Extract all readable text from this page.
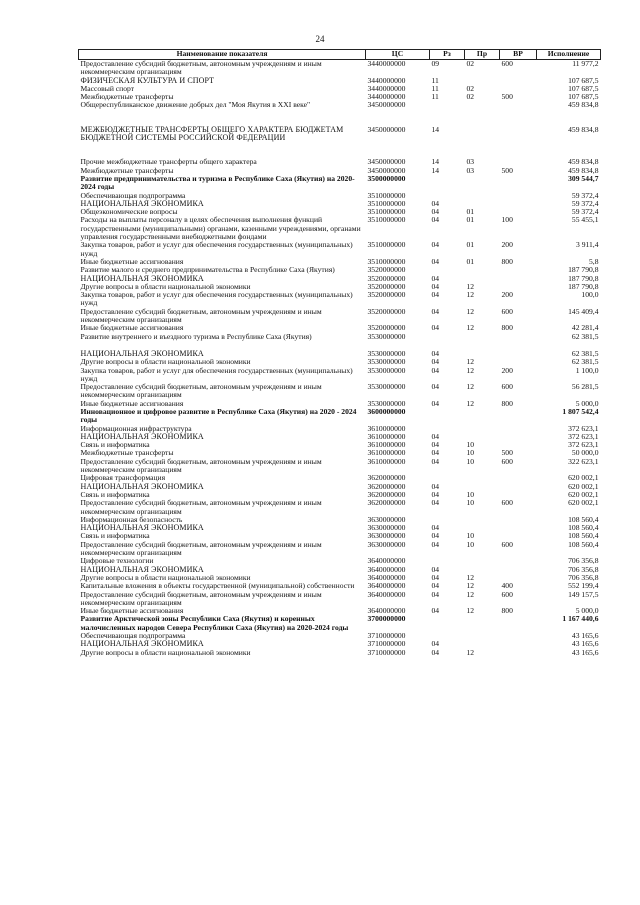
24
Наименование показателя	ЦС	Рз	Пр	ВР	Исполнение
Предоставление субсидий бюджетным, автономным учреждениям и иным некоммерческим организациям	3440000000	09	02	600	11 977,2
ФИЗИЧЕСКАЯ КУЛЬТУРА И СПОРТ	3440000000	11			107 687,5
Массовый спорт	3440000000	11	02		107 687,5
Межбюджетные трансферты	3440000000	11	02	500	107 687,5
Общереспубликанское движение добрых дел "Моя Якутия в XXI веке"	3450000000				459 834,8

МЕЖБЮДЖЕТНЫЕ ТРАНСФЕРТЫ ОБЩЕГО ХАРАКТЕРА БЮДЖЕТАМ БЮДЖЕТНОЙ СИСТЕМЫ РОССИЙСКОЙ ФЕДЕРАЦИИ	3450000000	14			459 834,8

Прочие межбюджетные трансферты общего характера	3450000000	14	03		459 834,8
Межбюджетные трансферты	3450000000	14	03	500	459 834,8
Развитие предпринимательства и туризма в Республике Саха (Якутия) на 2020-2024 годы	3500000000				309 544,7
Обеспечивающая подпрограмма	3510000000				59 372,4
НАЦИОНАЛЬНАЯ ЭКОНОМИКА	3510000000	04			59 372,4
Общеэкономические вопросы	3510000000	04	01		59 372,4
Расходы на выплаты персоналу в целях обеспечения выполнения функций государственными (муниципальными) органами, казенными учреждениями, органами управления государственными внебюджетными фондами	3510000000	04	01	100	55 455,1
Закупка товаров, работ и услуг для обеспечения государственных (муниципальных) нужд	3510000000	04	01	200	3 911,4
Иные бюджетные ассигнования	3510000000	04	01	800	5,8
Развитие малого и среднего предпринимательства в Республике Саха (Якутия)	3520000000				187 790,8
НАЦИОНАЛЬНАЯ ЭКОНОМИКА	3520000000	04			187 790,8
Другие вопросы в области национальной экономики	3520000000	04	12		187 790,8
Закупка товаров, работ и услуг для обеспечения государственных (муниципальных) нужд	3520000000	04	12	200	100,0
Предоставление субсидий бюджетным, автономным учреждениям и иным некоммерческим организациям	3520000000	04	12	600	145 409,4
Иные бюджетные ассигнования	3520000000	04	12	800	42 281,4
Развитие внутреннего и въездного туризма в Республике Саха (Якутия)	3530000000				62 381,5

НАЦИОНАЛЬНАЯ ЭКОНОМИКА	3530000000	04			62 381,5
Другие вопросы в области национальной экономики	3530000000	04	12		62 381,5
Закупка товаров, работ и услуг для обеспечения государственных (муниципальных) нужд	3530000000	04	12	200	1 100,0
Предоставление субсидий бюджетным, автономным учреждениям и иным некоммерческим организациям	3530000000	04	12	600	56 281,5
Иные бюджетные ассигнования	3530000000	04	12	800	5 000,0
Инновационное и цифровое развитие в Республике Саха (Якутия) на 2020 - 2024 годы	3600000000				1 807 542,4
Информационная инфраструктура	3610000000				372 623,1
НАЦИОНАЛЬНАЯ ЭКОНОМИКА	3610000000	04			372 623,1
Связь и информатика	3610000000	04	10		372 623,1
Межбюджетные трансферты	3610000000	04	10	500	50 000,0
Предоставление субсидий бюджетным, автономным учреждениям и иным некоммерческим организациям	3610000000	04	10	600	322 623,1
Цифровая трансформация	3620000000				620 002,1
НАЦИОНАЛЬНАЯ ЭКОНОМИКА	3620000000	04			620 002,1
Связь и информатика	3620000000	04	10		620 002,1
Предоставление субсидий бюджетным, автономным учреждениям и иным некоммерческим организациям	3620000000	04	10	600	620 002,1
Информационная безопасность	3630000000				108 560,4
НАЦИОНАЛЬНАЯ ЭКОНОМИКА	3630000000	04			108 560,4
Связь и информатика	3630000000	04	10		108 560,4
Предоставление субсидий бюджетным, автономным учреждениям и иным некоммерческим организациям	3630000000	04	10	600	108 560,4
Цифровые технологии	3640000000				706 356,8
НАЦИОНАЛЬНАЯ ЭКОНОМИКА	3640000000	04			706 356,8
Другие вопросы в области национальной экономики	3640000000	04	12		706 356,8
Капитальные вложения в объекты государственной (муниципальной) собственности	3640000000	04	12	400	552 199,4
Предоставление субсидий бюджетным, автономным учреждениям и иным некоммерческим организациям	3640000000	04	12	600	149 157,5
Иные бюджетные ассигнования	3640000000	04	12	800	5 000,0
Развитие Арктической зоны Республики Саха (Якутия) и коренных малочисленных народов Севера Республики Саха (Якутия) на 2020-2024 годы	3700000000				1 167 440,6
Обеспечивающая подпрограмма	3710000000				43 165,6
НАЦИОНАЛЬНАЯ ЭКОНОМИКА	3710000000	04			43 165,6
Другие вопросы в области национальной экономики	3710000000	04	12		43 165,6
